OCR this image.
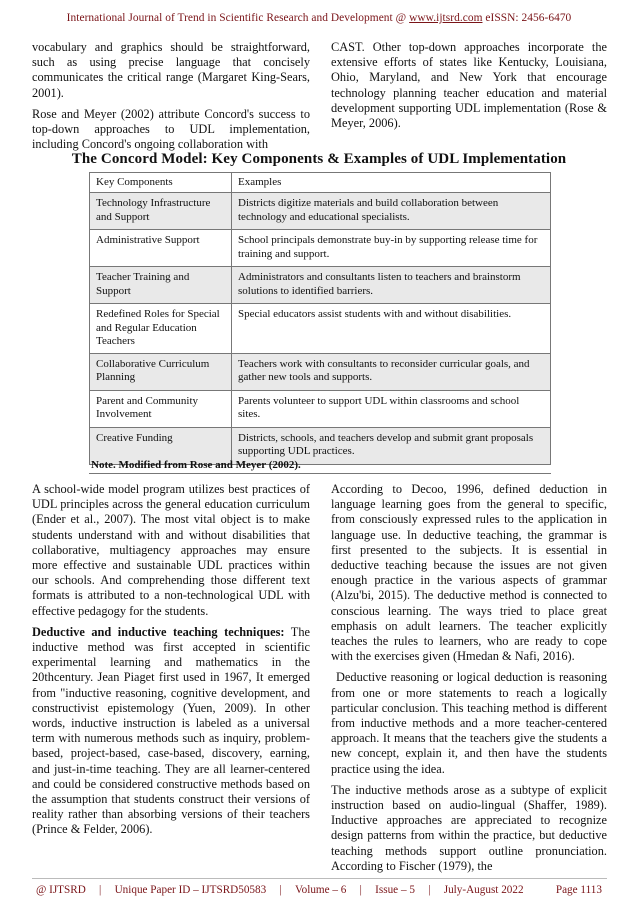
International Journal of Trend in Scientific Research and Development @ www.ijtsrd.com eISSN: 2456-6470

vocabulary and graphics should be straightforward, such as using precise language that concisely communicates the critical range (Margaret King-Sears, 2001).

Rose and Meyer (2002) attribute Concord's success to top-down approaches to UDL implementation, including Concord's ongoing collaboration with

CAST. Other top-down approaches incorporate the extensive efforts of states like Kentucky, Louisiana, Ohio, Maryland, and New York that encourage technology planning teacher education and material development supporting UDL implementation (Rose & Meyer, 2006).

The Concord Model: Key Components & Examples of UDL Implementation
Key Components	Examples
Technology Infrastructure and Support	Districts digitize materials and build collaboration between technology and educational specialists.
Administrative Support	School principals demonstrate buy-in by supporting release time for training and support.
Teacher Training and Support	Administrators and consultants listen to teachers and brainstorm solutions to identified barriers.
Redefined Roles for Special and Regular Education Teachers	Special educators assist students with and without disabilities.
Collaborative Curriculum Planning	Teachers work with consultants to reconsider curricular goals, and gather new tools and supports.
Parent and Community Involvement	Parents volunteer to support UDL within classrooms and school sites.
Creative Funding	Districts, schools, and teachers develop and submit grant proposals supporting UDL practices.
Note. Modified from Rose and Meyer (2002).

A school-wide model program utilizes best practices of UDL principles across the general education curriculum (Ender et al., 2007). The most vital object is to make students understand with and without disabilities that collaborative, multiagency approaches may ensure more effective and sustainable UDL practices within our schools. And comprehending those different text formats is attributed to a non-technological UDL with effective pedagogy for the students.

Deductive and inductive teaching techniques: The inductive method was first accepted in scientific experimental learning and mathematics in the 20thcentury. Jean Piaget first used in 1967, It emerged from "inductive reasoning, cognitive development, and constructivist epistemology (Yuen, 2009). In other words, inductive instruction is labeled as a universal term with numerous methods such as inquiry, problem-based, project-based, case-based, discovery, earning, and just-in-time teaching. They are all learner-centered and could be considered constructive methods based on the assumption that students construct their versions of reality rather than absorbing versions of their teachers (Prince & Felder, 2006).

According to Decoo, 1996, defined deduction in language learning goes from the general to specific, from consciously expressed rules to the application in language use. In deductive teaching, the grammar is first presented to the subjects. It is essential in deductive teaching because the issues are not given enough practice in the various aspects of grammar (Alzu'bi, 2015). The deductive method is connected to conscious learning. The ways tried to place great emphasis on adult learners. The teacher explicitly teaches the rules to learners, who are ready to cope with the exercises given (Hmedan & Nafi, 2016).

Deductive reasoning or logical deduction is reasoning from one or more statements to reach a logically particular conclusion. This teaching method is different from inductive methods and a more teacher-centered approach. It means that the teachers give the students a new concept, explain it, and then have the students practice using the idea.

The inductive methods arose as a subtype of explicit instruction based on audio-lingual (Shaffer, 1989). Inductive approaches are appreciated to recognize design patterns from within the practice, but deductive teaching methods support outline pronunciation. According to Fischer (1979), the

@ IJTSRD | Unique Paper ID – IJTSRD50583 | Volume – 6 | Issue – 5 | July-August 2022	Page 1113
